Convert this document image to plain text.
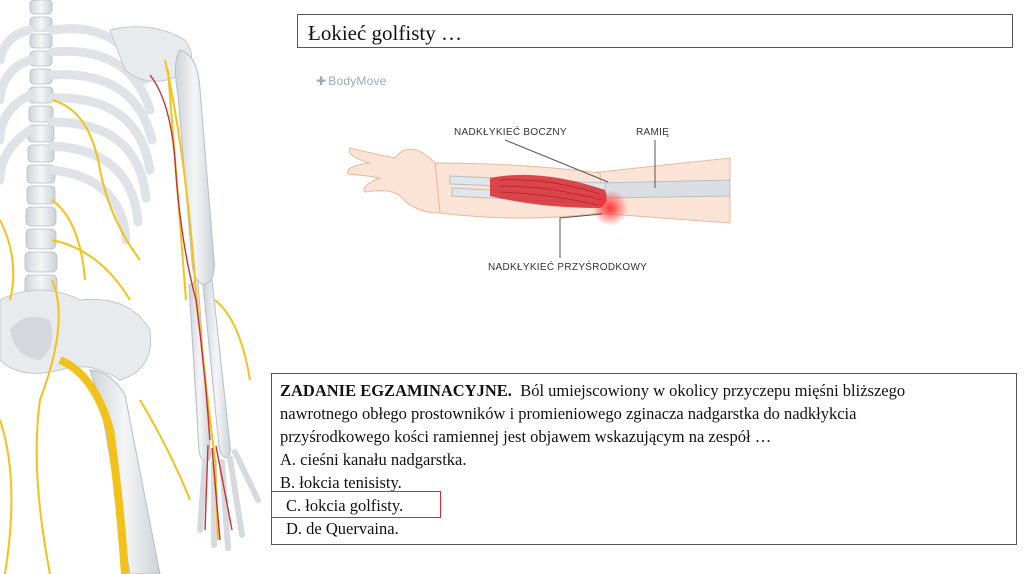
Łokieć golfisty …
✚ BodyMove
NADKŁYKIEĆ BOCZNY	RAMIĘ
NADKŁYKIEĆ PRZYŚRODKOWY
ZADANIE EGZAMINACYJNE. Ból umiejscowiony w okolicy przyczepu mięśni bliższego
nawrotnego obłego prostowników i promieniowego zginacza nadgarstka do nadkłykcia
przyśrodkowego kości ramiennej jest objawem wskazującym na zespół …
A. cieśni kanału nadgarstka.
B. łokcia tenisisty.
C. łokcia golfisty.
D. de Quervaina.
